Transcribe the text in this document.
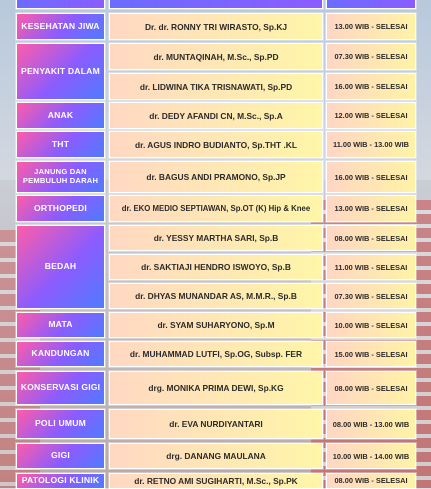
KESEHATAN JIWA	Dr. dr. RONNY TRI WIRASTO, Sp.KJ	13.00 WIB - SELESAI
PENYAKIT DALAM
dr. MUNTAQINAH, M.Sc., Sp.PD	07.30 WIB - SELESAI
dr. LIDWINA TIKA TRISNAWATI, Sp.PD	16.00 WIB - SELESAI
ANAK	dr. DEDY AFANDI CN, M.Sc., Sp.A	12.00 WIB - SELESAI
THT	dr. AGUS INDRO BUDIANTO, Sp.THT .KL	11.00 WIB - 13.00 WIB
JANUNG DAN PEMBULUH DARAH	dr. BAGUS ANDI PRAMONO, Sp.JP	16.00 WIB - SELESAI
ORTHOPEDI	dr. EKO MEDIO SEPTIAWAN, Sp.OT (K) Hip & Knee	13.00 WIB - SELESAI
BEDAH
dr. YESSY MARTHA SARI, Sp.B	08.00 WIB - SELESAI
dr. SAKTIAJI HENDRO ISWOYO, Sp.B	11.00 WIB - SELESAI
dr. DHYAS MUNANDAR AS, M.M.R., Sp.B	07.30 WIB - SELESAI
MATA	dr. SYAM SUHARYONO, Sp.M	10.00 WIB - SELESAI
KANDUNGAN	dr. MUHAMMAD LUTFI, Sp.OG, Subsp. FER	15.00 WIB - SELESAI
KONSERVASI GIGI	drg. MONIKA PRIMA DEWI, Sp.KG	08.00 WIB - SELESAI
POLI UMUM	dr. EVA NURDIYANTARI	08.00 WIB - 13.00 WIB
GIGI	drg. DANANG MAULANA	10.00 WIB - 14.00 WIB
PATOLOGI KLINIK	dr. RETNO AMI SUGIHARTI, M.Sc., Sp.PK	08.00 WIB - SELESAI
